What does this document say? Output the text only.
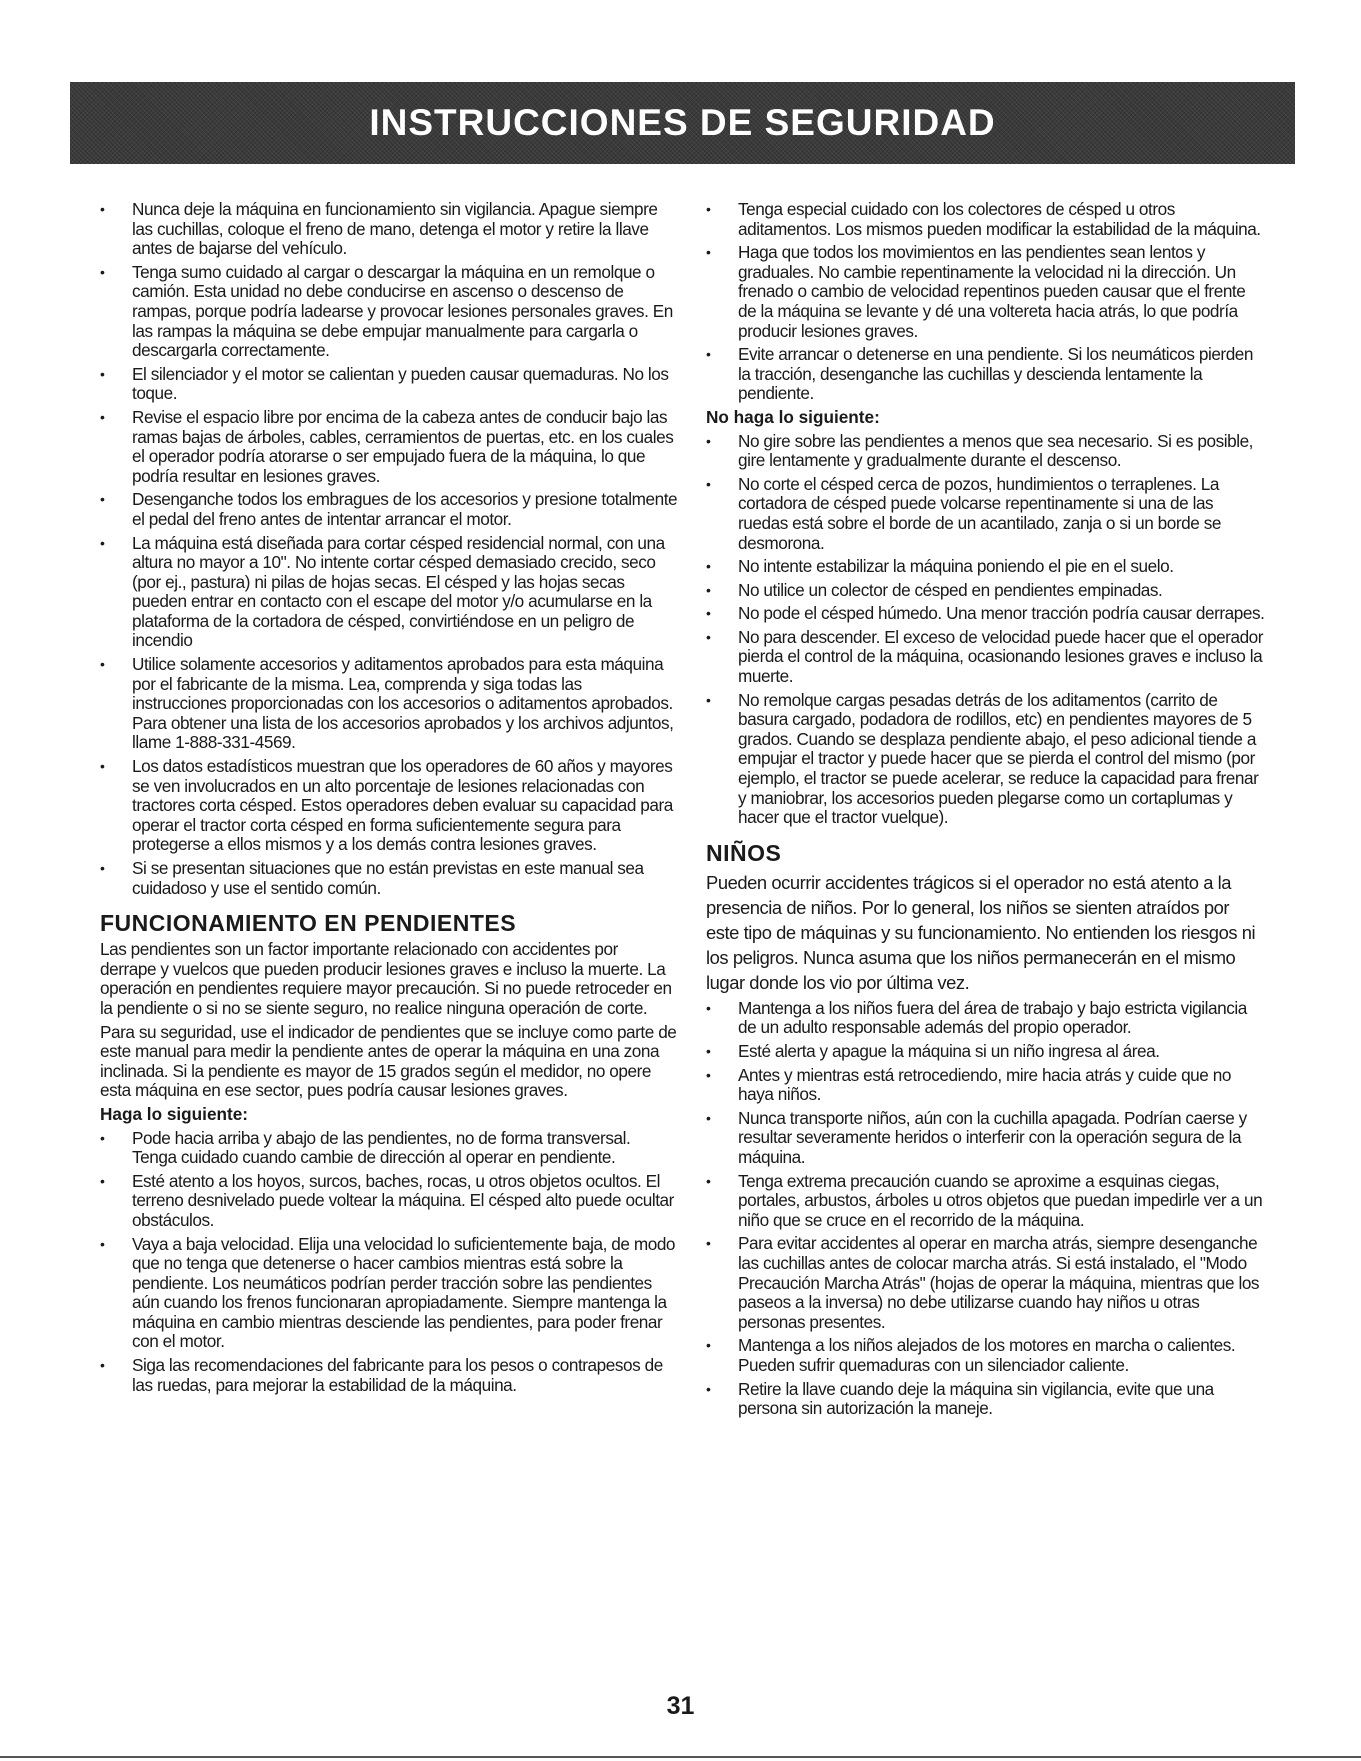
INSTRUCCIONES DE SEGURIDAD
• Nunca deje la máquina en funcionamiento sin vigilancia. Apague siempre las cuchillas, coloque el freno de mano, detenga el motor y retire la llave antes de bajarse del vehículo.
• Tenga sumo cuidado al cargar o descargar la máquina en un remolque o camión. Esta unidad no debe conducirse en ascenso o descenso de rampas, porque podría ladearse y provocar lesiones personales graves. En las rampas la máquina se debe empujar manualmente para cargarla o descargarla correctamente.
• El silenciador y el motor se calientan y pueden causar quemaduras. No los toque.
• Revise el espacio libre por encima de la cabeza antes de conducir bajo las ramas bajas de árboles, cables, cerramientos de puertas, etc. en los cuales el operador podría atorarse o ser empujado fuera de la máquina, lo que podría resultar en lesiones graves.
• Desenganche todos los embragues de los accesorios y presione totalmente el pedal del freno antes de intentar arrancar el motor.
• La máquina está diseñada para cortar césped residencial normal, con una altura no mayor a 10". No intente cortar césped demasiado crecido, seco (por ej., pastura) ni pilas de hojas secas. El césped y las hojas secas pueden entrar en contacto con el escape del motor y/o acumularse en la plataforma de la cortadora de césped, convirtiéndose en un peligro de incendio
• Utilice solamente accesorios y aditamentos aprobados para esta máquina por el fabricante de la misma. Lea, comprenda y siga todas las instrucciones proporcionadas con los accesorios o aditamentos aprobados. Para obtener una lista de los accesorios aprobados y los archivos adjuntos, llame 1-888-331-4569.
• Los datos estadísticos muestran que los operadores de 60 años y mayores se ven involucrados en un alto porcentaje de lesiones relacionadas con tractores corta césped. Estos operadores deben evaluar su capacidad para operar el tractor corta césped en forma suficientemente segura para protegerse a ellos mismos y a los demás contra lesiones graves.
• Si se presentan situaciones que no están previstas en este manual sea cuidadoso y use el sentido común.
FUNCIONAMIENTO EN PENDIENTES

Las pendientes son un factor importante relacionado con accidentes por derrape y vuelcos que pueden producir lesiones graves e incluso la muerte. La operación en pendientes requiere mayor precaución. Si no puede retroceder en la pendiente o si no se siente seguro, no realice ninguna operación de corte.

Para su seguridad, use el indicador de pendientes que se incluye como parte de este manual para medir la pendiente antes de operar la máquina en una zona inclinada. Si la pendiente es mayor de 15 grados según el medidor, no opere esta máquina en ese sector, pues podría causar lesiones graves.

Haga lo siguiente:
• Pode hacia arriba y abajo de las pendientes, no de forma transversal. Tenga cuidado cuando cambie de dirección al operar en pendiente.
• Esté atento a los hoyos, surcos, baches, rocas, u otros objetos ocultos. El terreno desnivelado puede voltear la máquina. El césped alto puede ocultar obstáculos.
• Vaya a baja velocidad. Elija una velocidad lo suficientemente baja, de modo que no tenga que detenerse o hacer cambios mientras está sobre la pendiente. Los neumáticos podrían perder tracción sobre las pendientes aún cuando los frenos funcionaran apropiadamente. Siempre mantenga la máquina en cambio mientras desciende las pendientes, para poder frenar con el motor.
• Siga las recomendaciones del fabricante para los pesos o contrapesos de las ruedas, para mejorar la estabilidad de la máquina.
• Tenga especial cuidado con los colectores de césped u otros aditamentos. Los mismos pueden modificar la estabilidad de la máquina.
• Haga que todos los movimientos en las pendientes sean lentos y graduales. No cambie repentinamente la velocidad ni la dirección. Un frenado o cambio de velocidad repentinos pueden causar que el frente de la máquina se levante y dé una voltereta hacia atrás, lo que podría producir lesiones graves.
• Evite arrancar o detenerse en una pendiente. Si los neumáticos pierden la tracción, desenganche las cuchillas y descienda lentamente la pendiente.
No haga lo siguiente:
• No gire sobre las pendientes a menos que sea necesario. Si es posible, gire lentamente y gradualmente durante el descenso.
• No corte el césped cerca de pozos, hundimientos o terraplenes. La cortadora de césped puede volcarse repentinamente si una de las ruedas está sobre el borde de un acantilado, zanja o si un borde se desmorona.
• No intente estabilizar la máquina poniendo el pie en el suelo.
• No utilice un colector de césped en pendientes empinadas.
• No pode el césped húmedo. Una menor tracción podría causar derrapes.
• No para descender. El exceso de velocidad puede hacer que el operador pierda el control de la máquina, ocasionando lesiones graves e incluso la muerte.
• No remolque cargas pesadas detrás de los aditamentos (carrito de basura cargado, podadora de rodillos, etc) en pendientes mayores de 5 grados. Cuando se desplaza pendiente abajo, el peso adicional tiende a empujar el tractor y puede hacer que se pierda el control del mismo (por ejemplo, el tractor se puede acelerar, se reduce la capacidad para frenar y maniobrar, los accesorios pueden plegarse como un cortaplumas y hacer que el tractor vuelque).
NIÑOS

Pueden ocurrir accidentes trágicos si el operador no está atento a la presencia de niños. Por lo general, los niños se sienten atraídos por este tipo de máquinas y su funcionamiento. No entienden los riesgos ni los peligros. Nunca asuma que los niños permanecerán en el mismo lugar donde los vio por última vez.

• Mantenga a los niños fuera del área de trabajo y bajo estricta vigilancia de un adulto responsable además del propio operador.
• Esté alerta y apague la máquina si un niño ingresa al área.
• Antes y mientras está retrocediendo, mire hacia atrás y cuide que no haya niños.
• Nunca transporte niños, aún con la cuchilla apagada. Podrían caerse y resultar severamente heridos o interferir con la operación segura de la máquina.
• Tenga extrema precaución cuando se aproxime a esquinas ciegas, portales, arbustos, árboles u otros objetos que puedan impedirle ver a un niño que se cruce en el recorrido de la máquina.
• Para evitar accidentes al operar en marcha atrás, siempre desenganche las cuchillas antes de colocar marcha atrás. Si está instalado, el "Modo Precaución Marcha Atrás" (hojas de operar la máquina, mientras que los paseos a la inversa) no debe utilizarse cuando hay niños u otras personas presentes.
• Mantenga a los niños alejados de los motores en marcha o calientes. Pueden sufrir quemaduras con un silenciador caliente.
• Retire la llave cuando deje la máquina sin vigilancia, evite que una persona sin autorización la maneje.
31
